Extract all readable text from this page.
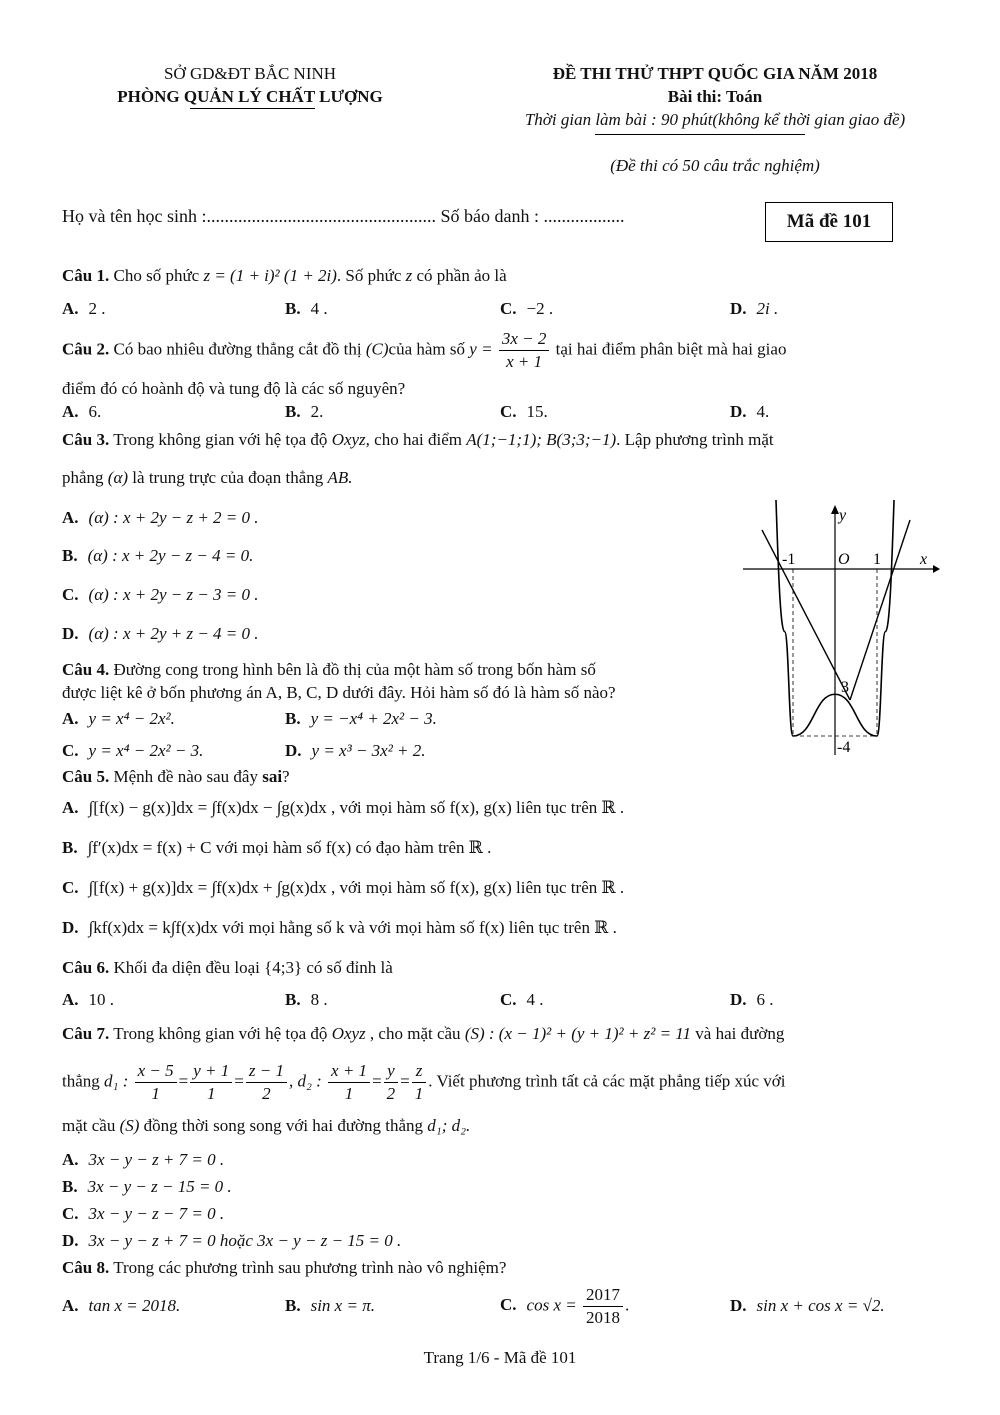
SỞ GD&ĐT BẮC NINH
PHÒNG QUẢN LÝ CHẤT LƯỢNG
ĐỀ THI THỬ THPT QUỐC GIA NĂM 2018
Bài thi: Toán
Thời gian làm bài : 90 phút(không kể thời gian giao đề)
(Đề thi có 50 câu trắc nghiệm)
Họ và tên học sinh :................................................... Số báo danh : ..................	Mã đề 101
Câu 1. Cho số phức z = (1 + i)² (1 + 2i). Số phức z có phần ảo là
A. 2 .	B. 4 .	C. −2 .	D. 2i .
Câu 2. Có bao nhiêu đường thẳng cắt đồ thị (C)của hàm số $y = \frac{3x - 2}{x + 1}$ tại hai điểm phân biệt mà hai giao
điểm đó có hoành độ và tung độ là các số nguyên?
A. 6.	B. 2.	C. 15.	D. 4.
Câu 3. Trong không gian với hệ tọa độ Oxyz, cho hai điểm A(1;−1;1); B(3;3;−1). Lập phương trình mặt
phẳng (α) là trung trực của đoạn thẳng AB.
A. (α) : x + 2y − z + 2 = 0 .
B. (α) : x + 2y − z − 4 = 0.
C. (α) : x + 2y − z − 3 = 0 .
D. (α) : x + 2y + z − 4 = 0 .
y
x
O
-1	1
3
-4
Câu 4. Đường cong trong hình bên là đồ thị của một hàm số trong bốn hàm số
được liệt kê ở bốn phương án A, B, C, D dưới đây. Hỏi hàm số đó là hàm số nào?
A. y = x⁴ − 2x².	B. y = −x⁴ + 2x² − 3.
C. y = x⁴ − 2x² − 3.	D. y = x³ − 3x² + 2.
Câu 5. Mệnh đề nào sau đây sai?
A. ∫[f(x) − g(x)]dx = ∫f(x)dx − ∫g(x)dx , với mọi hàm số f(x), g(x) liên tục trên ℝ .
B. ∫f′(x)dx = f(x) + C với mọi hàm số f(x) có đạo hàm trên ℝ .
C. ∫[f(x) + g(x)]dx = ∫f(x)dx + ∫g(x)dx , với mọi hàm số f(x), g(x) liên tục trên ℝ .
D. ∫kf(x)dx = k∫f(x)dx với mọi hằng số k và với mọi hàm số f(x) liên tục trên ℝ .
Câu 6. Khối đa diện đều loại {4;3} có số đỉnh là
A. 10 .	B. 8 .	C. 4 .	D. 6 .
Câu 7. Trong không gian với hệ tọa độ Oxyz , cho mặt cầu (S) : (x − 1)² + (y + 1)² + z² = 11 và hai đường
thẳng d₁ : $\frac{x - 5}{1} = \frac{y + 1}{1} = \frac{z - 1}{2}$ , d₂ : $\frac{x + 1}{1} = \frac{y}{2} = \frac{z}{1}$ . Viết phương trình tất cả các mặt phẳng tiếp xúc với
mặt cầu (S) đồng thời song song với hai đường thẳng d₁; d₂.
A. 3x − y − z + 7 = 0 .
B. 3x − y − z − 15 = 0 .
C. 3x − y − z − 7 = 0 .
D. 3x − y − z + 7 = 0 hoặc 3x − y − z − 15 = 0 .
Câu 8. Trong các phương trình sau phương trình nào vô nghiệm?
A. tan x = 2018.	B. sin x = π.	C. $\cos x = \frac{2017}{2018}$ .	D. sin x + cos x = √2.
Trang 1/6 - Mã đề 101
